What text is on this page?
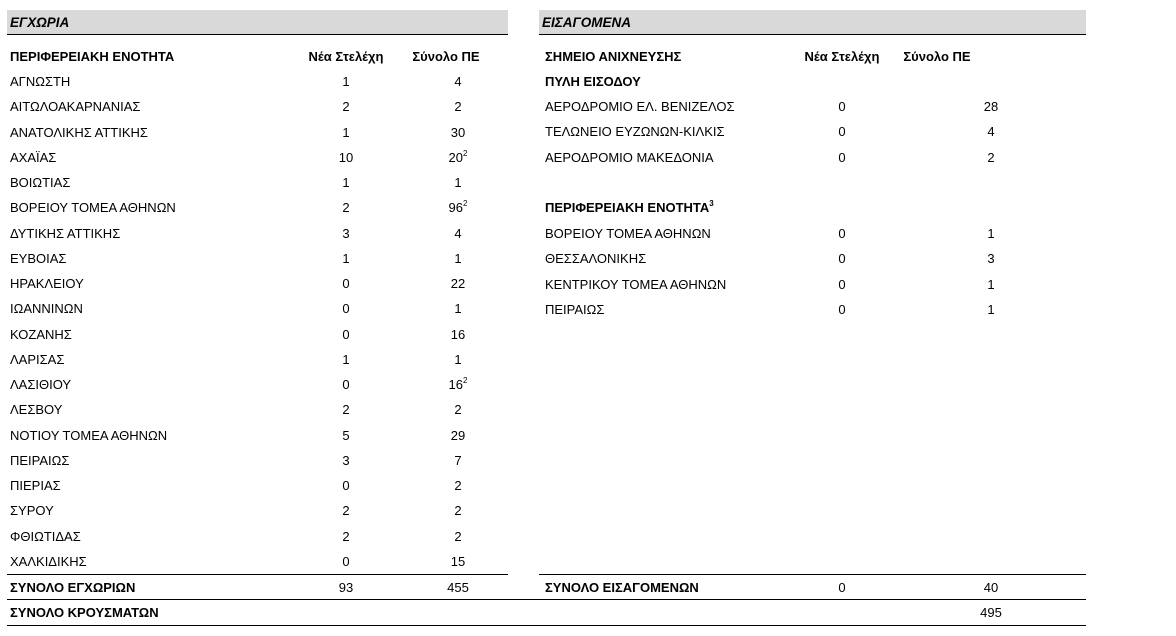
ΕΓΧΩΡΙΑ	ΕΙΣΑΓΟΜΕΝΑ
ΠΕΡΙΦΕΡΕΙΑΚΗ ΕΝΟΤΗΤΑ	Νέα Στελέχη	Σύνολο ΠΕ
ΑΓΝΩΣΤΗ	1	4
ΑΙΤΩΛΟΑΚΑΡΝΑΝΙΑΣ	2	2
ΑΝΑΤΟΛΙΚΗΣ ΑΤΤΙΚΗΣ	1	30
ΑΧΑΪΑΣ	10	$20^2$
ΒΟΙΩΤΙΑΣ	1	1
ΒΟΡΕΙΟΥ ΤΟΜΕΑ ΑΘΗΝΩΝ	2	$96^2$
ΔΥΤΙΚΗΣ ΑΤΤΙΚΗΣ	3	4
ΕΥΒΟΙΑΣ	1	1
ΗΡΑΚΛΕΙΟΥ	0	22
ΙΩΑΝΝΙΝΩΝ	0	1
ΚΟΖΑΝΗΣ	0	16
ΛΑΡΙΣΑΣ	1	1
ΛΑΣΙΘΙΟΥ	0	$16^2$
ΛΕΣΒΟΥ	2	2
ΝΟΤΙΟΥ ΤΟΜΕΑ ΑΘΗΝΩΝ	5	29
ΠΕΙΡΑΙΩΣ	3	7
ΠΙΕΡΙΑΣ	0	2
ΣΥΡΟΥ	2	2
ΦΘΙΩΤΙΔΑΣ	2	2
ΧΑΛΚΙΔΙΚΗΣ	0	15
ΣΥΝΟΛΟ ΕΓΧΩΡΙΩΝ	93	455
ΣΗΜΕΙΟ ΑΝΙΧΝΕΥΣΗΣ	Νέα Στελέχη	Σύνολο ΠΕ
ΠΥΛΗ ΕΙΣΟΔΟΥ
ΑΕΡΟΔΡΟΜΙΟ ΕΛ. ΒΕΝΙΖΕΛΟΣ	0	28
ΤΕΛΩΝΕΙΟ ΕΥΖΩΝΩΝ-ΚΙΛΚΙΣ	0	4
ΑΕΡΟΔΡΟΜΙΟ ΜΑΚΕΔΟΝΙΑ	0	2
ΠΕΡΙΦΕΡΕΙΑΚΗ ΕΝΟΤΗΤΑ$^3$
ΒΟΡΕΙΟΥ ΤΟΜΕΑ ΑΘΗΝΩΝ	0	1
ΘΕΣΣΑΛΟΝΙΚΗΣ	0	3
ΚΕΝΤΡΙΚΟΥ ΤΟΜΕΑ ΑΘΗΝΩΝ	0	1
ΠΕΙΡΑΙΩΣ	0	1
ΣΥΝΟΛΟ ΕΙΣΑΓΟΜΕΝΩΝ	0	40
ΣΥΝΟΛΟ ΚΡΟΥΣΜΑΤΩΝ	495
